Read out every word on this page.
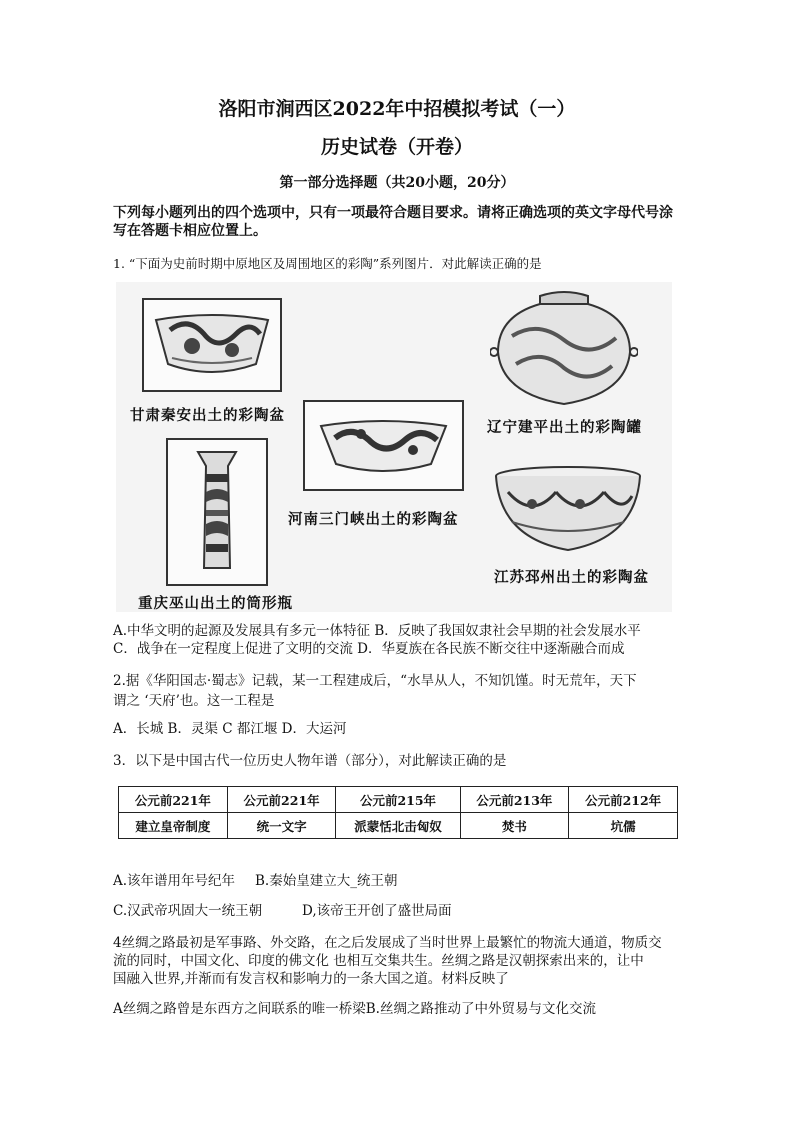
洛阳市涧西区2022年中招模拟考试（一）
历史试卷（开卷）
第一部分选择题（共20小题，20分）
下列每小题列出的四个选项中，只有一项最符合题目要求。请将正确选项的英文字母代号涂
写在答题卡相应位置上。
1. “下面为史前时期中原地区及周围地区的彩陶”系列图片．对此解读正确的是
甘肃秦安出土的彩陶盆
河南三门峡出土的彩陶盆
重庆巫山出土的筒形瓶
辽宁建平出土的彩陶罐
江苏邳州出土的彩陶盆
A.中华文明的起源及发展具有多元一体特征 B．反映了我国奴隶社会早期的社会发展水平
C．战争在一定程度上促进了文明的交流 D．华夏族在各民族不断交往中逐渐融合而成
2.据《华阳国志·蜀志》记载，某一工程建成后，“水旱从人，不知饥馑。时无荒年，天下
谓之 ‘天府’也。这一工程是
A．长城 B．灵渠 C 都江堰 D．大运河
3．以下是中国古代一位历史人物年谱（部分），对此解读正确的是
公元前221年	公元前221年	公元前215年	公元前213年	公元前212年
建立皇帝制度	统一文字	派蒙恬北击匈奴	焚书	坑儒
A.该年谱用年号纪年 B.秦始皇建立大_统王朝
C.汉武帝巩固大一统王朝	D,该帝王开创了盛世局面
4丝绸之路最初是军事路、外交路，在之后发展成了当时世界上最繁忙的物流大通道，物质交
流的同时，中国文化、印度的佛文化 也相互交集共生。丝绸之路是汉朝探索出来的，让中
国融入世界,并渐而有发言权和影响力的一条大国之道。材料反映了
A丝绸之路曾是东西方之间联系的唯一桥梁B.丝绸之路推动了中外贸易与文化交流
